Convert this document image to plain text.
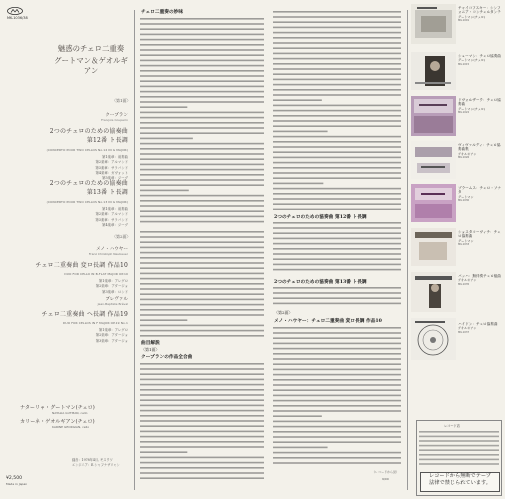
MK-1036/38
魅惑のチェロ二重奏
グートマン＆ゲオルギアン
〈第1面〉
クープラン
François Couperin
2つのチェロのための協奏曲
第12番 ト長調
(CONCERTO POUR TWO CELLOS No.12 IN G MAJOR)
第1楽章：前奏曲
第2楽章：アルマンド
第3楽章：サラバンド
第4楽章：ガヴォット
第5楽章：ジーグ
2つのチェロのための協奏曲
第13番 ト長調
(CONCERTO POUR TWO CELLOS No.13 IN G MAJOR)
第1楽章：前奏曲
第2楽章：アルマンド
第3楽章：サラバンド
第4楽章：ジーグ
〈第2面〉
メノ・ハウヤー
Franz Christoph Neubauer
チェロ二重奏曲 変ロ長調 作品10
DUO FOR CELLO IN B-FLAT MAJOR OP.10
第1楽章：アレグロ
第2楽章：アダージョ
第3楽章：ロンド
ブレヴァル
Jean-Baptiste Bréval
チェロ二重奏曲 ヘ長調 作品19
DUO FOR CELLOS IN F MAJOR OP.19 No.1
第1楽章：アレグロ
第2楽章：アダージョ
第3楽章：アダージョ
ナターリャ・グートマン(チェロ)
NATALIA GUTMAN, cello
カリーネ・ゲオルギアン(チェロ)
KARINE GEORGIAN, cello
録音：1978年4月, モスクワ
エンジニア：E.シャフナザリャン
¥2,500
Made in Japan
チェロ二重奏の妙味
2つのチェロのための協奏曲 第12番 ト長調
2つのチェロのための協奏曲 第13番 ト長調
〈第2面〉
メノ・ハウヤー：チェロ二重奏曲 変ロ長調 作品10
曲目解説
〈第1面〉
クープランの作品全合曲
（レコードから見）
9/00
チャイコフスキー：シンフォニア・コンチェルタンテ
グートマン(チェロ)
MK-1001
シューマン：チェロ協奏曲
グートマン(チェロ)
MK-1015
ドヴォルザーク：チェロ協奏曲
グートマン(チェロ)
MK-1022
ヴィヴァルディ：チェロ協奏曲集
ゲオルギアン
MK-1026
ブラームス：チェロ・ソナタ
グートマン
MK-1030
ショスタコーヴィチ：チェロ協奏曲
グートマン
MK-1033
バッハ：無伴奏チェロ組曲
ゲオルギアン
MK-1035
ハイドン：チェロ協奏曲
ゲオルギアン
MK-1037
レコード店
レコードから無断でテープ
法律で禁じられています。
